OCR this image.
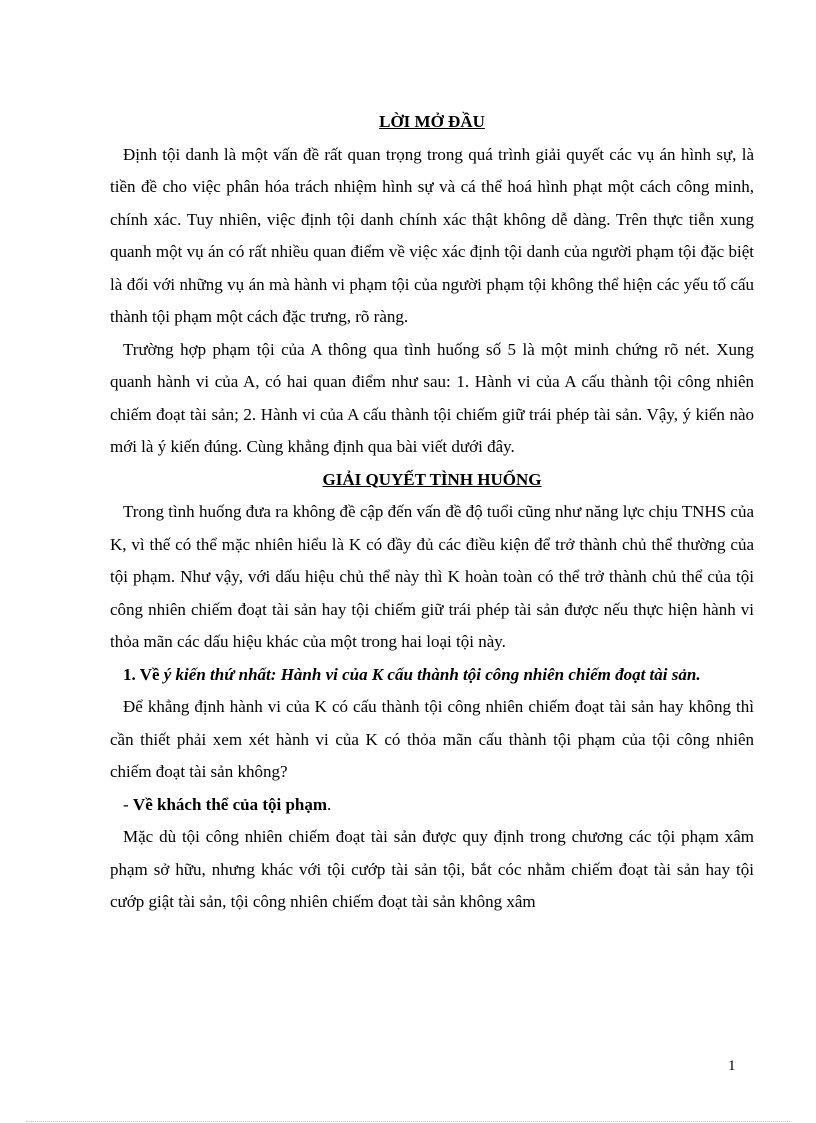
LỜI MỞ ĐẦU

Định tội danh là một vấn đề rất quan trọng trong quá trình giải quyết các vụ án hình sự, là tiền đề cho việc phân hóa trách nhiệm hình sự và cá thể hoá hình phạt một cách công minh, chính xác. Tuy nhiên, việc định tội danh chính xác thật không dễ dàng. Trên thực tiễn xung quanh một vụ án có rất nhiều quan điểm về việc xác định tội danh của người phạm tội đặc biệt là đối với những vụ án mà hành vi phạm tội của người phạm tội không thể hiện các yếu tố cấu thành tội phạm một cách đặc trưng, rõ ràng.

Trường hợp phạm tội của A thông qua tình huống số 5 là một minh chứng rõ nét. Xung quanh hành vi của A, có hai quan điểm như sau: 1. Hành vi của A cấu thành tội công nhiên chiếm đoạt tài sản; 2. Hành vi của A cấu thành tội chiếm giữ trái phép tài sản. Vậy, ý kiến nào mới là ý kiến đúng. Cùng khẳng định qua bài viết dưới đây.

GIẢI QUYẾT TÌNH HUỐNG

Trong tình huống đưa ra không đề cập đến vấn đề độ tuổi cũng như năng lực chịu TNHS của K, vì thế có thể mặc nhiên hiểu là K có đầy đủ các điều kiện để trở thành chủ thể thường của tội phạm. Như vậy, với dấu hiệu chủ thể này thì K hoàn toàn có thể trở thành chủ thể của tội công nhiên chiếm đoạt tài sản hay tội chiếm giữ trái phép tài sản được nếu thực hiện hành vi thỏa mãn các dấu hiệu khác của một trong hai loại tội này.

1. Về ý kiến thứ nhất: Hành vi của K cấu thành tội công nhiên chiếm đoạt tài sản.

Để khẳng định hành vi của K có cấu thành tội công nhiên chiếm đoạt tài sản hay không thì cần thiết phải xem xét hành vi của K có thỏa mãn cấu thành tội phạm của tội công nhiên chiếm đoạt tài sản không?

- Về khách thể của tội phạm.

Mặc dù tội công nhiên chiếm đoạt tài sản được quy định trong chương các tội phạm xâm phạm sở hữu, nhưng khác với tội cướp tài sản tội, bắt cóc nhằm chiếm đoạt tài sản hay tội cướp giật tài sản, tội công nhiên chiếm đoạt tài sản không xâm

1
